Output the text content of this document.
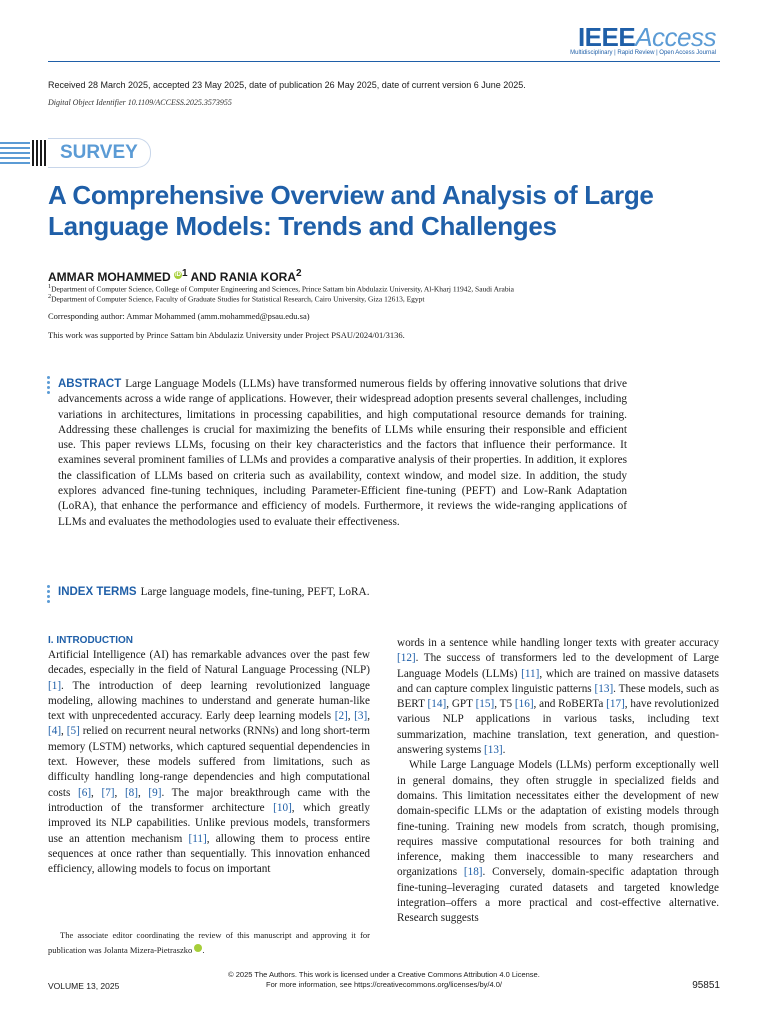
IEEEAccess
Multidisciplinary | Rapid Review | Open Access Journal
Received 28 March 2025, accepted 23 May 2025, date of publication 26 May 2025, date of current version 6 June 2025.
Digital Object Identifier 10.1109/ACCESS.2025.3573955
SURVEY
A Comprehensive Overview and Analysis of Large Language Models: Trends and Challenges
AMMAR MOHAMMED $iD^1$ AND RANIA KORA$^2$
$^1$Department of Computer Science, College of Computer Engineering and Sciences, Prince Sattam bin Abdulaziz University, Al-Kharj 11942, Saudi Arabia
$^2$Department of Computer Science, Faculty of Graduate Studies for Statistical Research, Cairo University, Giza 12613, Egypt
Corresponding author: Ammar Mohammed (amm.mohammed@psau.edu.sa)
This work was supported by Prince Sattam bin Abdulaziz University under Project PSAU/2024/01/3136.
ABSTRACT Large Language Models (LLMs) have transformed numerous fields by offering innovative solutions that drive advancements across a wide range of applications. However, their widespread adoption presents several challenges, including variations in architectures, limitations in processing capabilities, and high computational resource demands for training. Addressing these challenges is crucial for maximizing the benefits of LLMs while ensuring their responsible and efficient use. This paper reviews LLMs, focusing on their key characteristics and the factors that influence their performance. It examines several prominent families of LLMs and provides a comparative analysis of their properties. In addition, it explores the classification of LLMs based on criteria such as availability, context window, and model size. In addition, the study explores advanced fine-tuning techniques, including Parameter-Efficient fine-tuning (PEFT) and Low-Rank Adaptation (LoRA), that enhance the performance and efficiency of models. Furthermore, it reviews the wide-ranging applications of LLMs and evaluates the methodologies used to evaluate their effectiveness.
INDEX TERMS Large language models, fine-tuning, PEFT, LoRA.
I. INTRODUCTION

Artificial Intelligence (AI) has remarkable advances over the past few decades, especially in the field of Natural Language Processing (NLP) [1]. The introduction of deep learning revolutionized language modeling, allowing machines to understand and generate human-like text with unprecedented accuracy. Early deep learning models [2], [3], [4], [5] relied on recurrent neural networks (RNNs) and long short-term memory (LSTM) networks, which captured sequential dependencies in text. However, these models suffered from limitations, such as difficulty handling long-range dependencies and high computational costs [6], [7], [8], [9]. The major breakthrough came with the introduction of the transformer architecture [10], which greatly improved its NLP capabilities. Unlike previous models, transformers use an attention mechanism [11], allowing them to process entire sequences at once rather than sequentially. This innovation enhanced efficiency, allowing models to focus on important

words in a sentence while handling longer texts with greater accuracy [12]. The success of transformers led to the development of Large Language Models (LLMs) [11], which are trained on massive datasets and can capture complex linguistic patterns [13]. These models, such as BERT [14], GPT [15], T5 [16], and RoBERTa [17], have revolutionized various NLP applications in various tasks, including text summarization, machine translation, text generation, and question-answering systems [13].

While Large Language Models (LLMs) perform exceptionally well in general domains, they often struggle in specialized fields and domains. This limitation necessitates either the development of new domain-specific LLMs or the adaptation of existing models through fine-tuning. Training new models from scratch, though promising, requires massive computational resources for both training and inference, making them inaccessible to many researchers and organizations [18]. Conversely, domain-specific adaptation through fine-tuning–leveraging curated datasets and targeted knowledge integration–offers a more practical and cost-effective alternative. Research suggests

The associate editor coordinating the review of this manuscript and approving it for publication was Jolanta Mizera-Pietraszko iD.
© 2025 The Authors. This work is licensed under a Creative Commons Attribution 4.0 License.
For more information, see https://creativecommons.org/licenses/by/4.0/
VOLUME 13, 2025	95851
